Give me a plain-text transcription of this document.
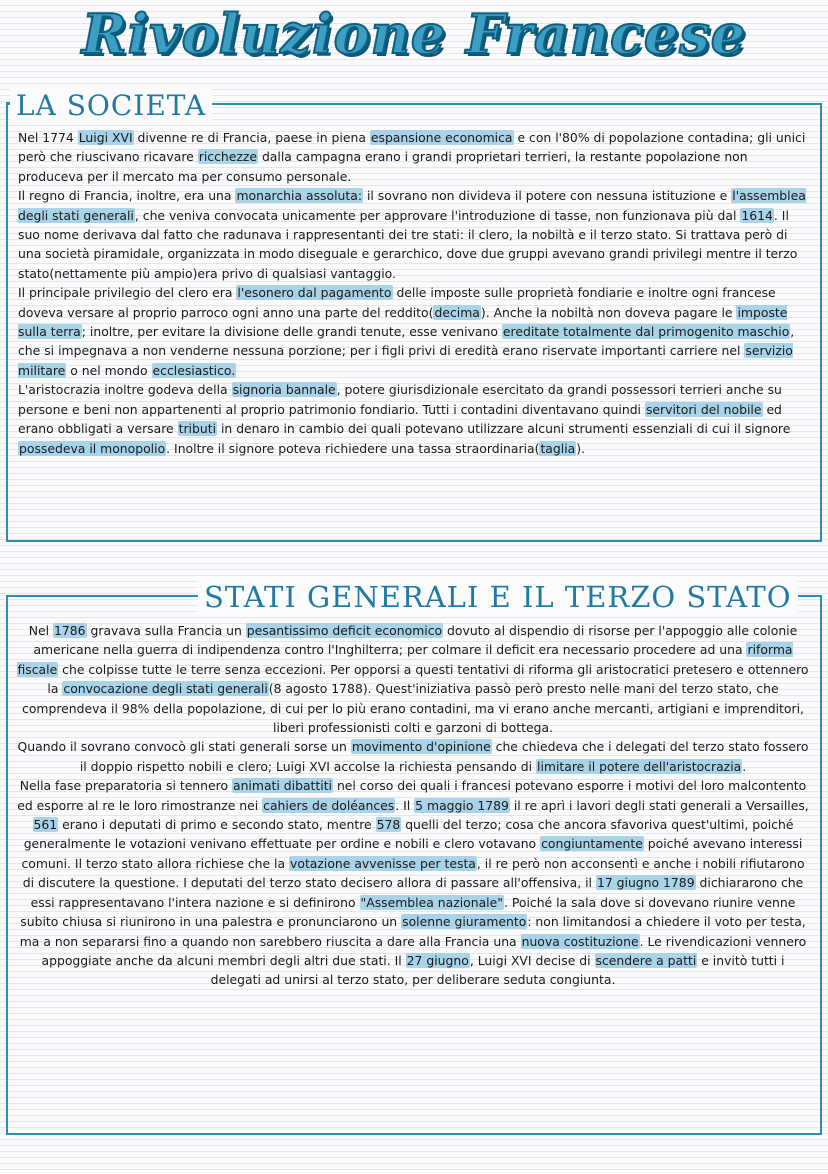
Rivoluzione Francese
LA SOCIETA

Nel 1774 Luigi XVI divenne re di Francia, paese in piena espansione economica e con l'80% di popolazione contadina; gli unici però che riuscivano ricavare ricchezze dalla campagna erano i grandi proprietari terrieri, la restante popolazione non produceva per il mercato ma per consumo personale.

Il regno di Francia, inoltre, era una monarchia assoluta: il sovrano non divideva il potere con nessuna istituzione e l'assemblea degli stati generali, che veniva convocata unicamente per approvare l'introduzione di tasse, non funzionava più dal 1614. Il suo nome derivava dal fatto che radunava i rappresentanti dei tre stati: il clero, la nobiltà e il terzo stato. Si trattava però di una società piramidale, organizzata in modo diseguale e gerarchico, dove due gruppi avevano grandi privilegi mentre il terzo stato(nettamente più ampio)era privo di qualsiasi vantaggio.

Il principale privilegio del clero era l'esonero dal pagamento delle imposte sulle proprietà fondiarie e inoltre ogni francese doveva versare al proprio parroco ogni anno una parte del reddito(decima). Anche la nobiltà non doveva pagare le imposte sulla terra; inoltre, per evitare la divisione delle grandi tenute, esse venivano ereditate totalmente dal primogenito maschio, che si impegnava a non venderne nessuna porzione; per i figli privi di eredità erano riservate importanti carriere nel servizio militare o nel mondo ecclesiastico.

L'aristocrazia inoltre godeva della signoria bannale, potere giurisdizionale esercitato da grandi possessori terrieri anche su persone e beni non appartenenti al proprio patrimonio fondiario. Tutti i contadini diventavano quindi servitori del nobile ed erano obbligati a versare tributi in denaro in cambio dei quali potevano utilizzare alcuni strumenti essenziali di cui il signore possedeva il monopolio. Inoltre il signore poteva richiedere una tassa straordinaria(taglia).

STATI GENERALI E IL TERZO STATO

Nel 1786 gravava sulla Francia un pesantissimo deficit economico dovuto al dispendio di risorse per l'appoggio alle colonie americane nella guerra di indipendenza contro l'Inghilterra; per colmare il deficit era necessario procedere ad una riforma fiscale che colpisse tutte le terre senza eccezioni. Per opporsi a questi tentativi di riforma gli aristocratici pretesero e ottennero la convocazione degli stati generali(8 agosto 1788). Quest'iniziativa passò però presto nelle mani del terzo stato, che comprendeva il 98% della popolazione, di cui per lo più erano contadini, ma vi erano anche mercanti, artigiani e imprenditori, liberi professionisti colti e garzoni di bottega.

Quando il sovrano convocò gli stati generali sorse un movimento d'opinione che chiedeva che i delegati del terzo stato fossero il doppio rispetto nobili e clero; Luigi XVI accolse la richiesta pensando di limitare il potere dell'aristocrazia.

Nella fase preparatoria si tennero animati dibattiti nel corso dei quali i francesi potevano esporre i motivi del loro malcontento ed esporre al re le loro rimostranze nei cahiers de doléances. Il 5 maggio 1789 il re aprì i lavori degli stati generali a Versailles, 561 erano i deputati di primo e secondo stato, mentre 578 quelli del terzo; cosa che ancora sfavoriva quest'ultimi, poiché generalmente le votazioni venivano effettuate per ordine e nobili e clero votavano congiuntamente poiché avevano interessi comuni. Il terzo stato allora richiese che la votazione avvenisse per testa, il re però non acconsentì e anche i nobili rifiutarono di discutere la questione. I deputati del terzo stato decisero allora di passare all'offensiva, il 17 giugno 1789 dichiararono che essi rappresentavano l'intera nazione e si definirono "Assemblea nazionale". Poiché la sala dove si dovevano riunire venne subito chiusa si riunirono in una palestra e pronunciarono un solenne giuramento: non limitandosi a chiedere il voto per testa, ma a non separarsi fino a quando non sarebbero riuscita a dare alla Francia una nuova costituzione. Le rivendicazioni vennero appoggiate anche da alcuni membri degli altri due stati. Il 27 giugno, Luigi XVI decise di scendere a patti e invitò tutti i delegati ad unirsi al terzo stato, per deliberare seduta congiunta.
